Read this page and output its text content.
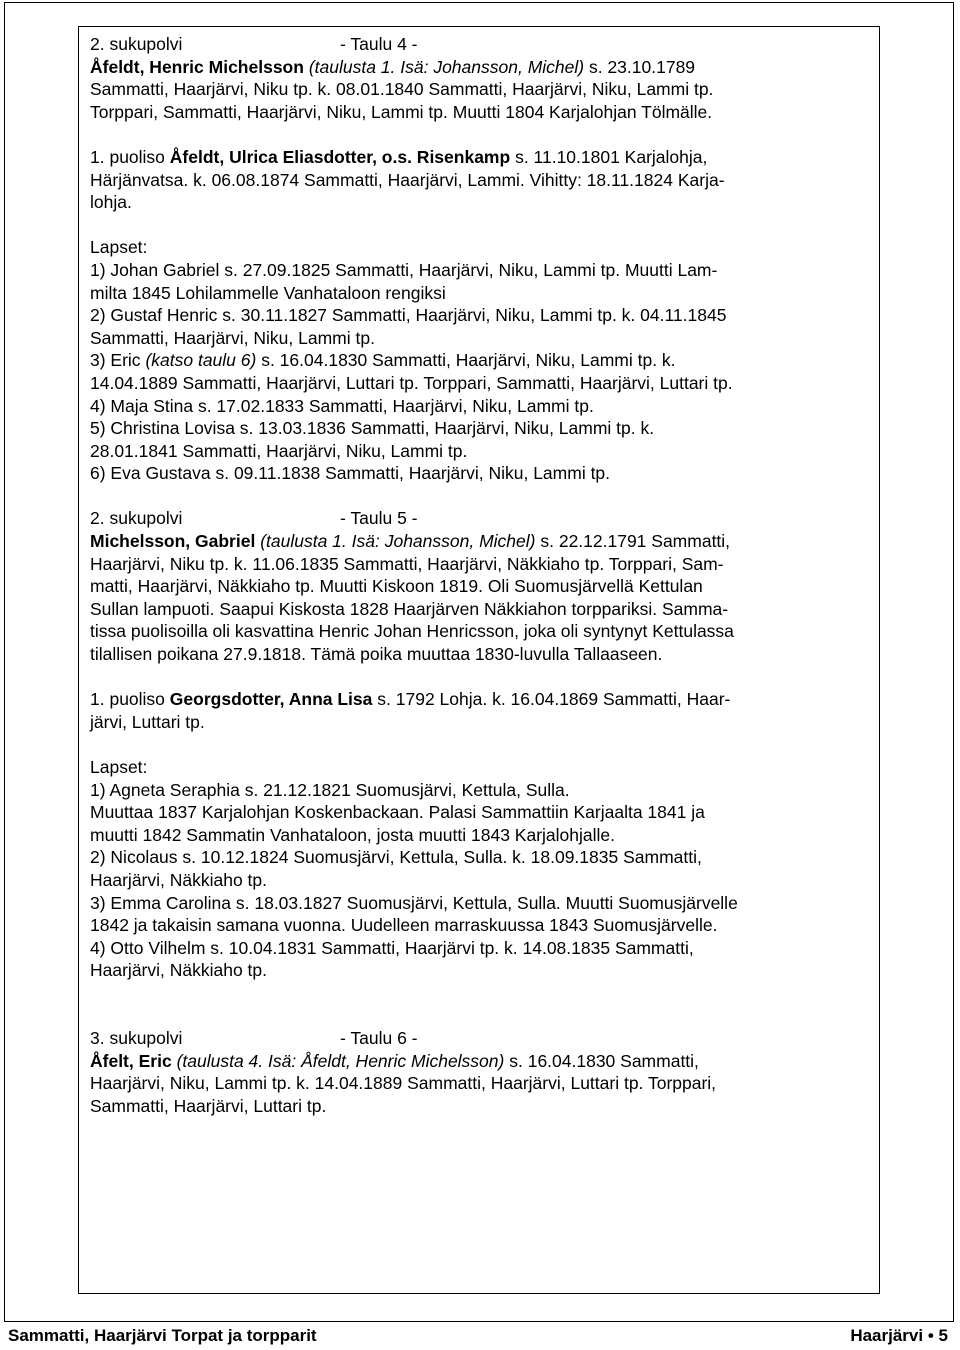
2. sukupolvi	- Taulu 4 -
Åfeldt, Henric Michelsson (taulusta 1. Isä: Johansson, Michel) s. 23.10.1789
Sammatti, Haarjärvi, Niku tp. k. 08.01.1840 Sammatti, Haarjärvi, Niku, Lammi tp.
Torppari, Sammatti, Haarjärvi, Niku, Lammi tp. Muutti 1804 Karjalohjan Tölmälle.
1. puoliso Åfeldt, Ulrica Eliasdotter, o.s. Risenkamp s. 11.10.1801 Karjalohja,
Härjänvatsa. k. 06.08.1874 Sammatti, Haarjärvi, Lammi. Vihitty: 18.11.1824 Karja-
lohja.
Lapset:
1) Johan Gabriel s. 27.09.1825 Sammatti, Haarjärvi, Niku, Lammi tp. Muutti Lam-
milta 1845 Lohilammelle Vanhataloon rengiksi
2) Gustaf Henric s. 30.11.1827 Sammatti, Haarjärvi, Niku, Lammi tp. k. 04.11.1845
Sammatti, Haarjärvi, Niku, Lammi tp.
3) Eric (katso taulu 6) s. 16.04.1830 Sammatti, Haarjärvi, Niku, Lammi tp. k.
14.04.1889 Sammatti, Haarjärvi, Luttari tp. Torppari, Sammatti, Haarjärvi, Luttari tp.
4) Maja Stina s. 17.02.1833 Sammatti, Haarjärvi, Niku, Lammi tp.
5) Christina Lovisa s. 13.03.1836 Sammatti, Haarjärvi, Niku, Lammi tp. k.
28.01.1841 Sammatti, Haarjärvi, Niku, Lammi tp.
6) Eva Gustava s. 09.11.1838 Sammatti, Haarjärvi, Niku, Lammi tp.
2. sukupolvi	- Taulu 5 -
Michelsson, Gabriel (taulusta 1. Isä: Johansson, Michel) s. 22.12.1791 Sammatti,
Haarjärvi, Niku tp. k. 11.06.1835 Sammatti, Haarjärvi, Näkkiaho tp. Torppari, Sam-
matti, Haarjärvi, Näkkiaho tp. Muutti Kiskoon 1819. Oli Suomusjärvellä Kettulan
Sullan lampuoti. Saapui Kiskosta 1828 Haarjärven Näkkiahon torppariksi. Samma-
tissa puolisoilla oli kasvattina Henric Johan Henricsson, joka oli syntynyt Kettulassa
tilallisen poikana 27.9.1818. Tämä poika muuttaa 1830-luvulla Tallaaseen.
1. puoliso Georgsdotter, Anna Lisa s. 1792 Lohja. k. 16.04.1869 Sammatti, Haar-
järvi, Luttari tp.
Lapset:
1) Agneta Seraphia s. 21.12.1821 Suomusjärvi, Kettula, Sulla.
Muuttaa 1837 Karjalohjan Koskenbackaan. Palasi Sammattiin Karjaalta 1841 ja
muutti 1842 Sammatin Vanhataloon, josta muutti 1843 Karjalohjalle.
2) Nicolaus s. 10.12.1824 Suomusjärvi, Kettula, Sulla. k. 18.09.1835 Sammatti,
Haarjärvi, Näkkiaho tp.
3) Emma Carolina s. 18.03.1827 Suomusjärvi, Kettula, Sulla. Muutti Suomusjärvelle
1842 ja takaisin samana vuonna. Uudelleen marraskuussa 1843 Suomusjärvelle.
4) Otto Vilhelm s. 10.04.1831 Sammatti, Haarjärvi tp. k. 14.08.1835 Sammatti,
Haarjärvi, Näkkiaho tp.
3. sukupolvi	- Taulu 6 -
Åfelt, Eric (taulusta 4. Isä: Åfeldt, Henric Michelsson) s. 16.04.1830 Sammatti,
Haarjärvi, Niku, Lammi tp. k. 14.04.1889 Sammatti, Haarjärvi, Luttari tp. Torppari,
Sammatti, Haarjärvi, Luttari tp.
Sammatti, Haarjärvi Torpat ja torpparit	Haarjärvi • 5
